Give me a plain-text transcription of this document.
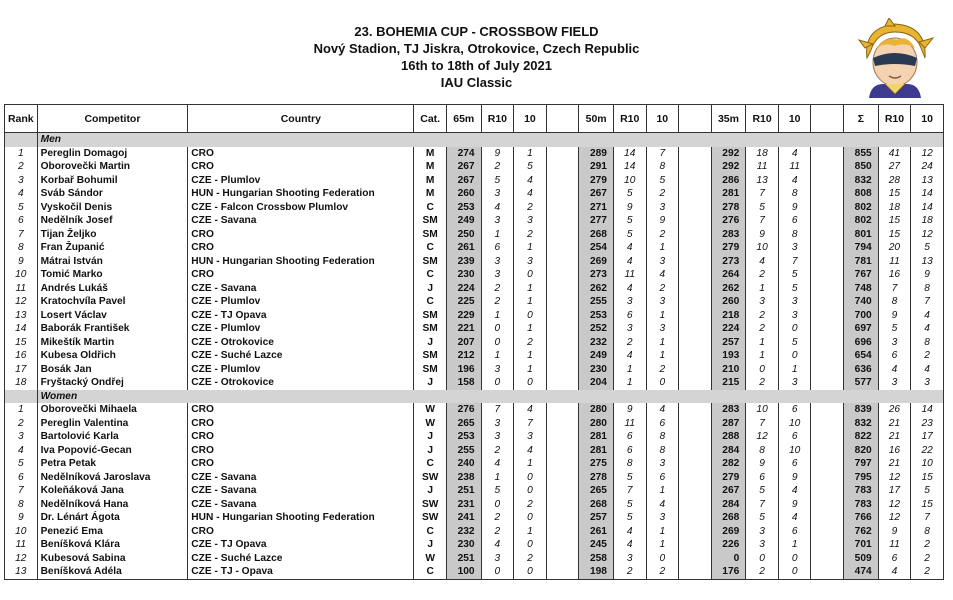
23. BOHEMIA CUP - CROSSBOW FIELD
Nový Stadion, TJ Jiskra, Otrokovice, Czech Republic
16th to 18th of July 2021
IAU Classic
Rank	Competitor	Country	Cat.	65m	R10	10		50m	R10	10		35m	R10	10		Σ	R10	10
	Men																	
1	Pereglin Domagoj	CRO	M	274	9	1		289	14	7		292	18	4		855	41	12
2	Oborovečki Martin	CRO	M	267	2	5		291	14	8		292	11	11		850	27	24
3	Korbař Bohumil	CZE - Plumlov	M	267	5	4		279	10	5		286	13	4		832	28	13
4	Sváb Sándor	HUN - Hungarian Shooting Federation	M	260	3	4		267	5	2		281	7	8		808	15	14
5	Vyskočil Denis	CZE - Falcon Crossbow Plumlov	C	253	4	2		271	9	3		278	5	9		802	18	14
6	Nedělník Josef	CZE - Savana	SM	249	3	3		277	5	9		276	7	6		802	15	18
7	Tijan Željko	CRO	SM	250	1	2		268	5	2		283	9	8		801	15	12
8	Fran Županić	CRO	C	261	6	1		254	4	1		279	10	3		794	20	5
9	Mátrai István	HUN - Hungarian Shooting Federation	SM	239	3	3		269	4	3		273	4	7		781	11	13
10	Tomić Marko	CRO	C	230	3	0		273	11	4		264	2	5		767	16	9
11	Andrés Lukáš	CZE - Savana	J	224	2	1		262	4	2		262	1	5		748	7	8
12	Kratochvíla Pavel	CZE - Plumlov	C	225	2	1		255	3	3		260	3	3		740	8	7
13	Losert Václav	CZE - TJ Opava	SM	229	1	0		253	6	1		218	2	3		700	9	4
14	Baborák František	CZE - Plumlov	SM	221	0	1		252	3	3		224	2	0		697	5	4
15	Mikeštík Martin	CZE - Otrokovice	J	207	0	2		232	2	1		257	1	5		696	3	8
16	Kubesa Oldřich	CZE - Suché Lazce	SM	212	1	1		249	4	1		193	1	0		654	6	2
17	Bosák Jan	CZE - Plumlov	SM	196	3	1		230	1	2		210	0	1		636	4	4
18	Fryštacký Ondřej	CZE - Otrokovice	J	158	0	0		204	1	0		215	2	3		577	3	3
	Women																	
1	Oborovečki Mihaela	CRO	W	276	7	4		280	9	4		283	10	6		839	26	14
2	Pereglin Valentina	CRO	W	265	3	7		280	11	6		287	7	10		832	21	23
3	Bartolović Karla	CRO	J	253	3	3		281	6	8		288	12	6		822	21	17
4	Iva Popović-Gecan	CRO	J	255	2	4		281	6	8		284	8	10		820	16	22
5	Petra Petak	CRO	C	240	4	1		275	8	3		282	9	6		797	21	10
6	Nedělníková Jaroslava	CZE - Savana	SW	238	1	0		278	5	6		279	6	9		795	12	15
7	Koleňáková Jana	CZE - Savana	J	251	5	0		265	7	1		267	5	4		783	17	5
8	Nedělníková Hana	CZE - Savana	SW	231	0	2		268	5	4		284	7	9		783	12	15
9	Dr. Lénárt Ágota	HUN - Hungarian Shooting Federation	SW	241	2	0		257	5	3		268	5	4		766	12	7
10	Penezić Ema	CRO	C	232	2	1		261	4	1		269	3	6		762	9	8
11	Beníšková Klára	CZE - TJ Opava	J	230	4	0		245	4	1		226	3	1		701	11	2
12	Kubesová Sabina	CZE - Suché Lazce	W	251	3	2		258	3	0		0	0	0		509	6	2
13	Beníšková Adéla	CZE - TJ - Opava	C	100	0	0		198	2	2		176	2	0		474	4	2
